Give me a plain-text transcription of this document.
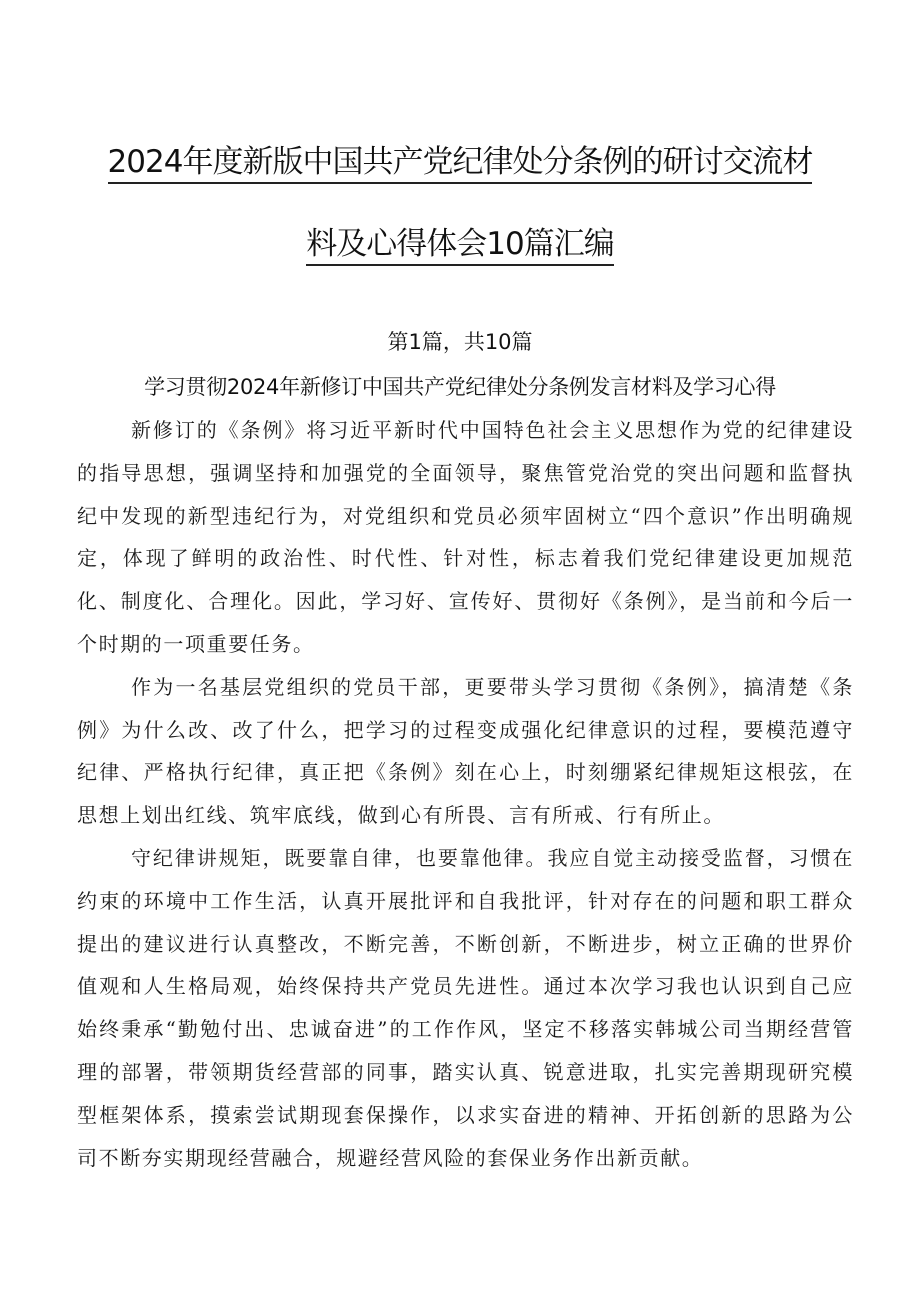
2024年度新版中国共产党纪律处分条例的研讨交流材
料及心得体会10篇汇编
第1篇，共10篇
学习贯彻2024年新修订中国共产党纪律处分条例发言材料及学习心得

新修订的《条例》将习近平新时代中国特色社会主义思想作为党的纪律建设的指导思想，强调坚持和加强党的全面领导，聚焦管党治党的突出问题和监督执纪中发现的新型违纪行为，对党组织和党员必须牢固树立“四个意识”作出明确规定，体现了鲜明的政治性、时代性、针对性，标志着我们党纪律建设更加规范化、制度化、合理化。因此，学习好、宣传好、贯彻好《条例》，是当前和今后一个时期的一项重要任务。

作为一名基层党组织的党员干部，更要带头学习贯彻《条例》，搞清楚《条例》为什么改、改了什么，把学习的过程变成强化纪律意识的过程，要模范遵守纪律、严格执行纪律，真正把《条例》刻在心上，时刻绷紧纪律规矩这根弦，在思想上划出红线、筑牢底线，做到心有所畏、言有所戒、行有所止。

守纪律讲规矩，既要靠自律，也要靠他律。我应自觉主动接受监督，习惯在约束的环境中工作生活，认真开展批评和自我批评，针对存在的问题和职工群众提出的建议进行认真整改，不断完善，不断创新，不断进步，树立正确的世界价值观和人生格局观，始终保持共产党员先进性。通过本次学习我也认识到自己应始终秉承“勤勉付出、忠诚奋进”的工作作风，坚定不移落实韩城公司当期经营管理的部署，带领期货经营部的同事，踏实认真、锐意进取，扎实完善期现研究模型框架体系，摸索尝试期现套保操作，以求实奋进的精神、开拓创新的思路为公司不断夯实期现经营融合，规避经营风险的套保业务作出新贡献。
